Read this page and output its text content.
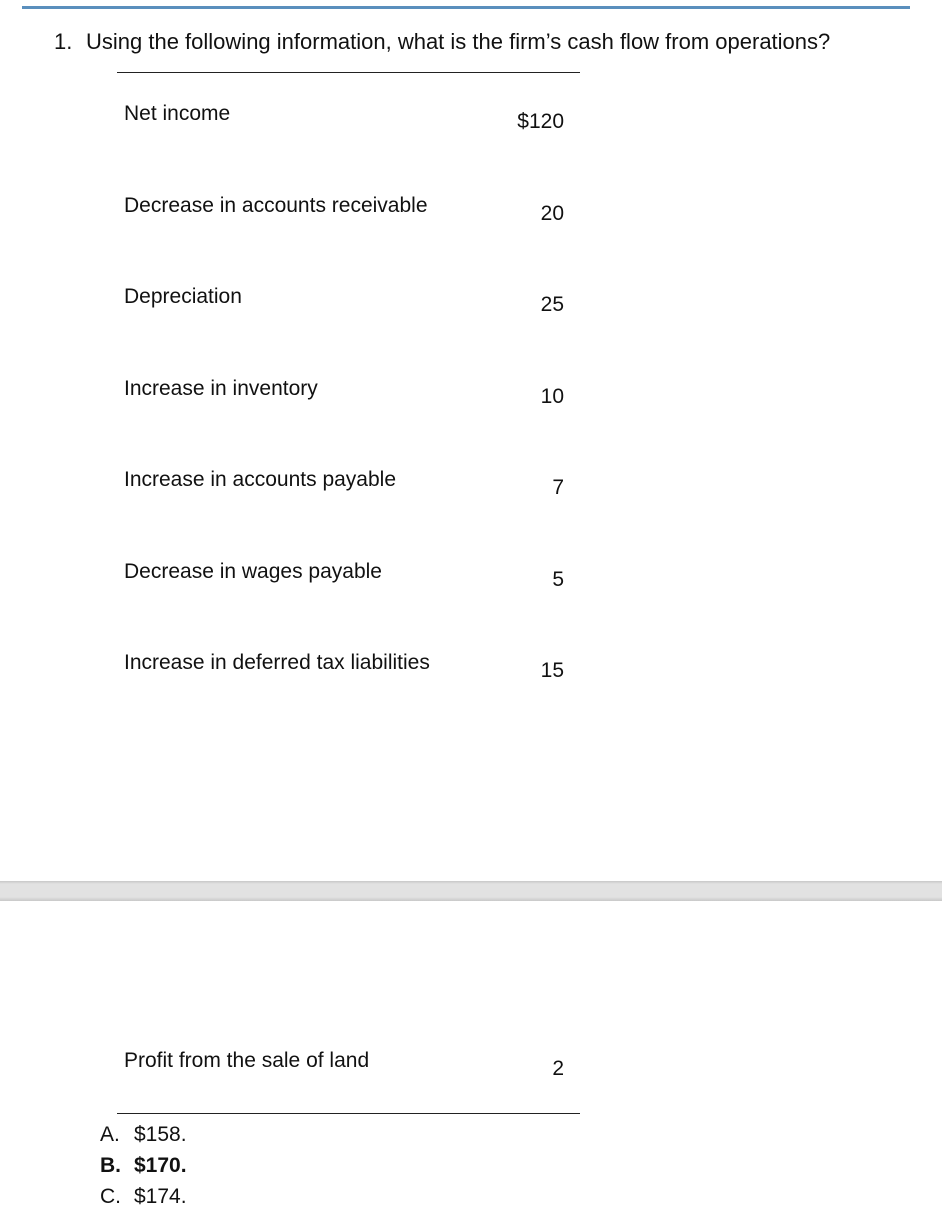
1. Using the following information, what is the firm’s cash flow from operations?
Net income	$120
Decrease in accounts receivable	20
Depreciation	25
Increase in inventory	10
Increase in accounts payable	7
Decrease in wages payable	5
Increase in deferred tax liabilities	15
Profit from the sale of land	2
A. $158.
B. $170.
C. $174.
